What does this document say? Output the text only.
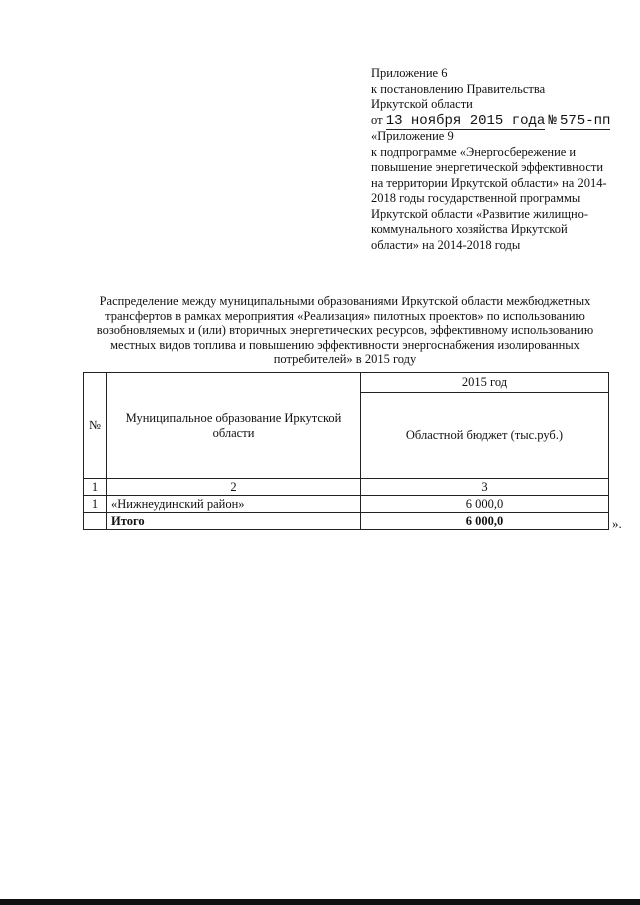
Приложение 6
к постановлению Правительства
Иркутской области
от 13 ноября 2015 года № 575-пп
«Приложение 9
к подпрограмме «Энергосбережение и повышение энергетической эффективности на территории Иркутской области» на 2014-2018 годы государственной программы Иркутской области «Развитие жилищно-коммунального хозяйства Иркутской области» на 2014-2018 годы
Распределение между муниципальными образованиями Иркутской области межбюджетных трансфертов в рамках мероприятия «Реализация» пилотных проектов» по использованию возобновляемых и (или) вторичных энергетических ресурсов, эффективному использованию местных видов топлива и повышению эффективности энергоснабжения изолированных потребителей» в 2015 году
№	Муниципальное образование Иркутской области	2015 год
		Областной бюджет (тыс.руб.)
1	2	3
1	«Нижнеудинский район»	6 000,0
	Итого	6 000,0	».
